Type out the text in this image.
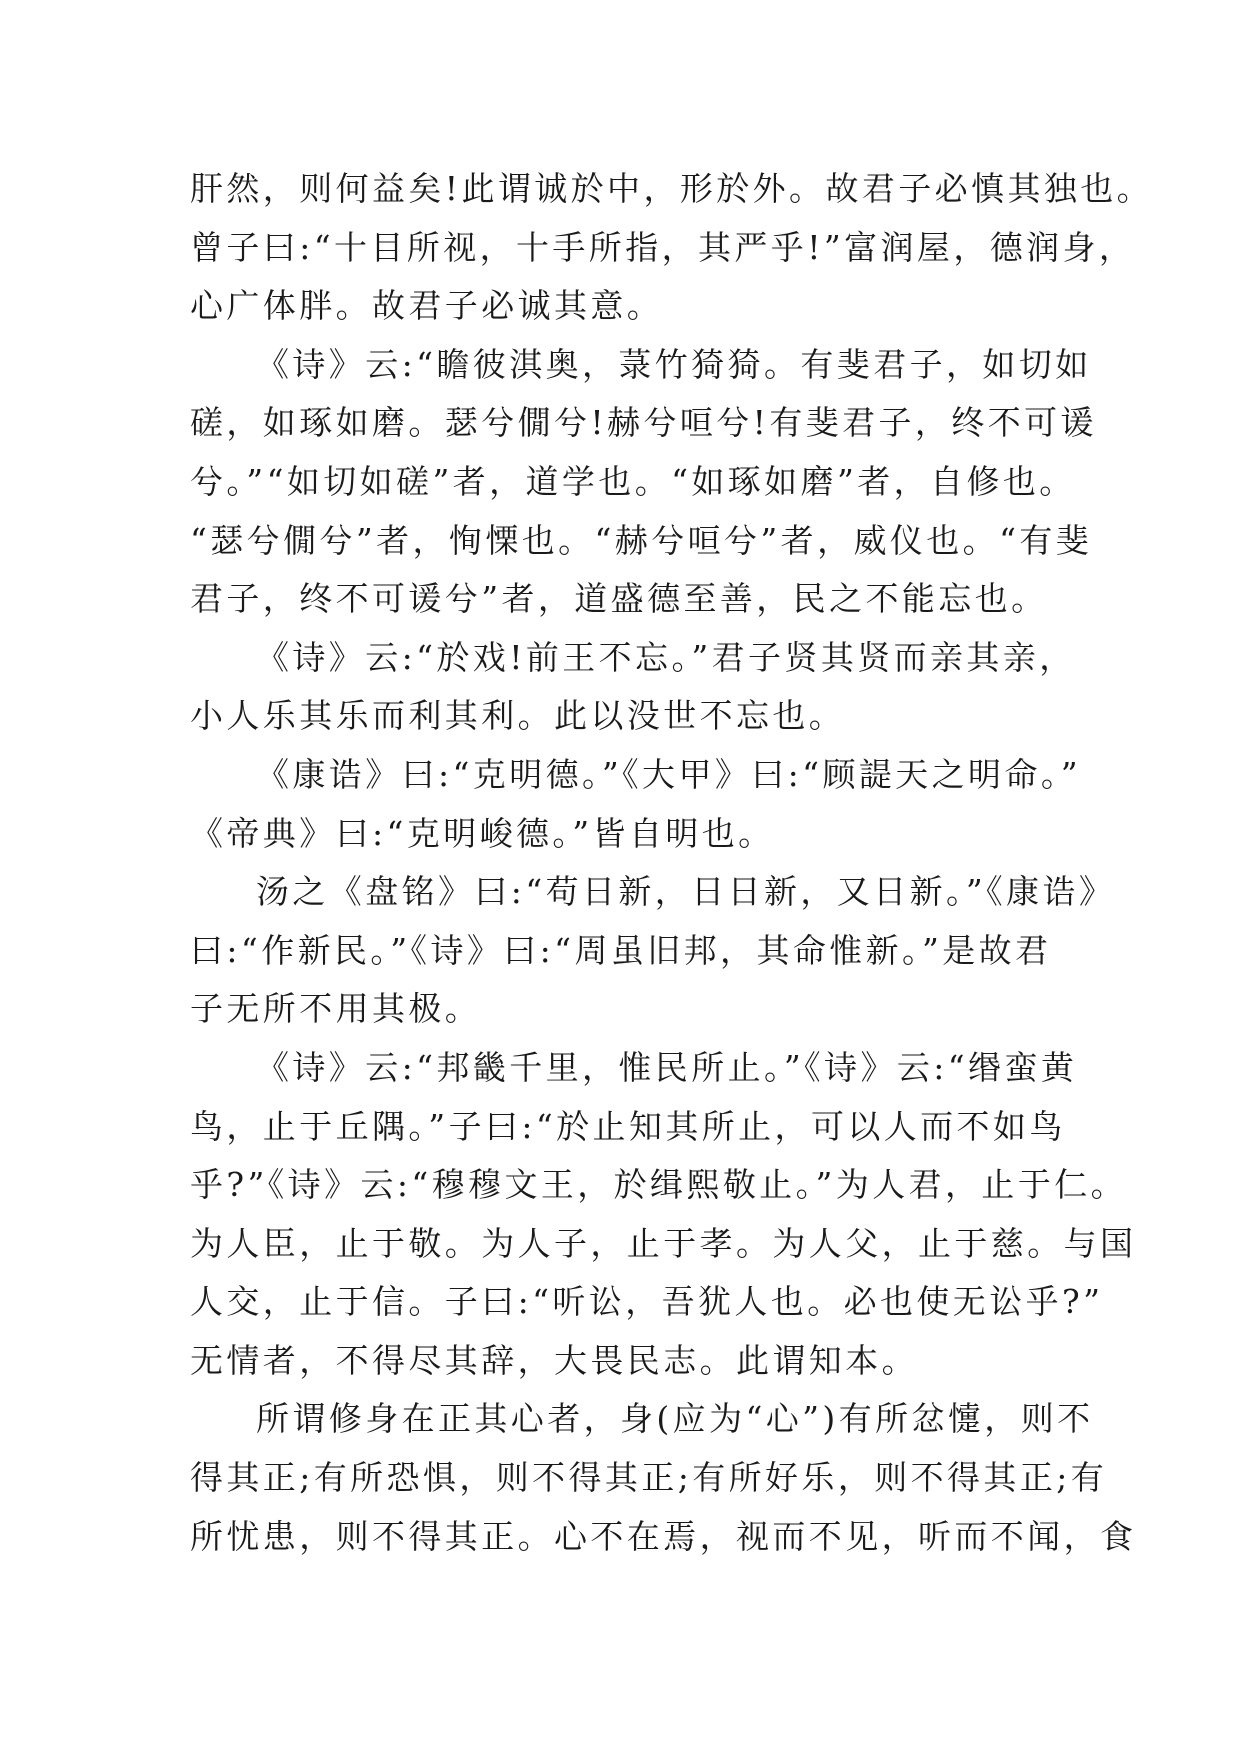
肝然，则何益矣!此谓诚於中，形於外。故君子必慎其独也。
曾子曰:“十目所视，十手所指，其严乎!”富润屋，德润身，
心广体胖。故君子必诚其意。
《诗》云:“瞻彼淇奥，菉竹猗猗。有斐君子，如切如
磋，如琢如磨。瑟兮僩兮!赫兮咺兮!有斐君子，终不可谖
兮。”“如切如磋”者，道学也。“如琢如磨”者，自修也。
“瑟兮僩兮”者，恂慄也。“赫兮咺兮”者，威仪也。“有斐
君子，终不可谖兮”者，道盛德至善，民之不能忘也。
《诗》云:“於戏!前王不忘。”君子贤其贤而亲其亲，
小人乐其乐而利其利。此以没世不忘也。
《康诰》曰:“克明德。”《大甲》曰:“顾諟天之明命。”
《帝典》曰:“克明峻德。”皆自明也。
汤之《盘铭》曰:“苟日新，日日新，又日新。”《康诰》
曰:“作新民。”《诗》曰:“周虽旧邦，其命惟新。”是故君
子无所不用其极。
《诗》云:“邦畿千里，惟民所止。”《诗》云:“缗蛮黄
鸟，止于丘隅。”子曰:“於止知其所止，可以人而不如鸟
乎?”《诗》云:“穆穆文王，於缉熙敬止。”为人君，止于仁。
为人臣，止于敬。为人子，止于孝。为人父，止于慈。与国
人交，止于信。子曰:“听讼，吾犹人也。必也使无讼乎?”
无情者，不得尽其辞，大畏民志。此谓知本。
所谓修身在正其心者，身(应为“心”)有所忿懥，则不
得其正;有所恐惧，则不得其正;有所好乐，则不得其正;有
所忧患，则不得其正。心不在焉，视而不见，听而不闻，食
